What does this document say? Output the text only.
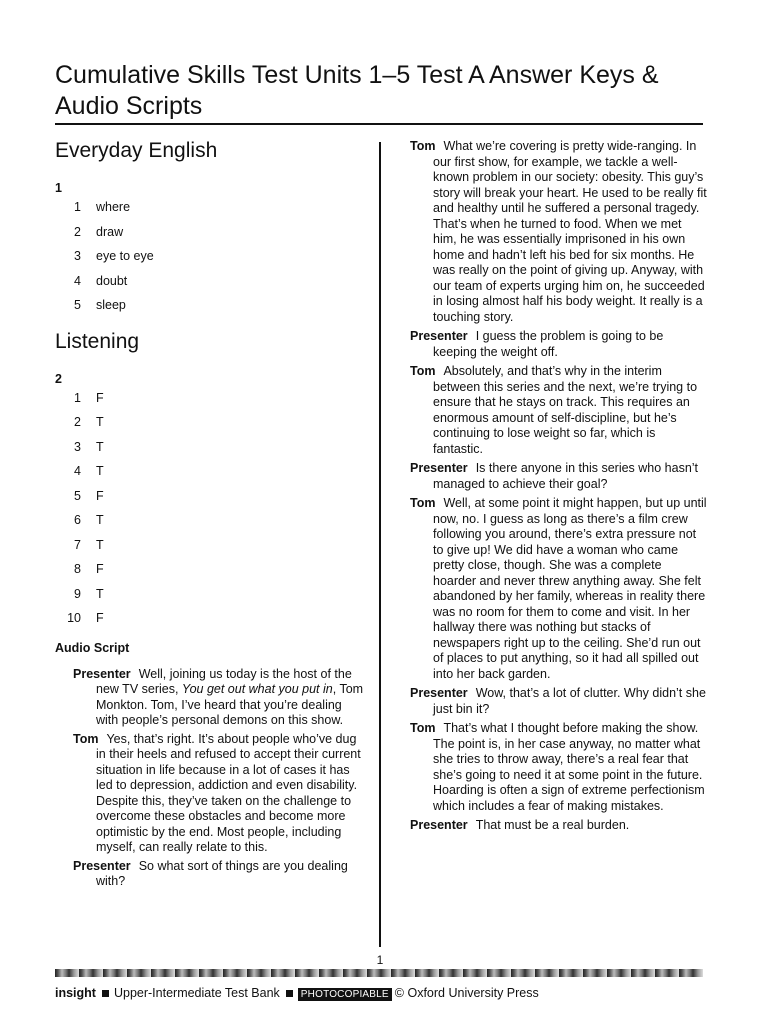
Cumulative Skills Test Units 1–5 Test A Answer Keys & Audio Scripts
Everyday English
1
1 where
2 draw
3 eye to eye
4 doubt
5 sleep
Listening
2
1 F
2 T
3 T
4 T
5 F
6 T
7 T
8 F
9 T
10 F
Audio Script

Presenter Well, joining us today is the host of the new TV series, You get out what you put in, Tom Monkton. Tom, I’ve heard that you’re dealing with people’s personal demons on this show.

Tom Yes, that’s right. It’s about people who’ve dug in their heels and refused to accept their current situation in life because in a lot of cases it has led to depression, addiction and even disability. Despite this, they’ve taken on the challenge to overcome these obstacles and become more optimistic by the end. Most people, including myself, can really relate to this.

Presenter So what sort of things are you dealing with?

Tom What we’re covering is pretty wide-ranging. In our first show, for example, we tackle a well-known problem in our society: obesity. This guy’s story will break your heart. He used to be really fit and healthy until he suffered a personal tragedy. That’s when he turned to food. When we met him, he was essentially imprisoned in his own home and hadn’t left his bed for six months. He was really on the point of giving up. Anyway, with our team of experts urging him on, he succeeded in losing almost half his body weight. It really is a touching story.

Presenter I guess the problem is going to be keeping the weight off.

Tom Absolutely, and that’s why in the interim between this series and the next, we’re trying to ensure that he stays on track. This requires an enormous amount of self-discipline, but he’s continuing to lose weight so far, which is fantastic.

Presenter Is there anyone in this series who hasn’t managed to achieve their goal?

Tom Well, at some point it might happen, but up until now, no. I guess as long as there’s a film crew following you around, there’s extra pressure not to give up! We did have a woman who came pretty close, though. She was a complete hoarder and never threw anything away. She felt abandoned by her family, whereas in reality there was no room for them to come and visit. In her hallway there was nothing but stacks of newspapers right up to the ceiling. She’d run out of places to put anything, so it had all spilled out into her back garden.

Presenter Wow, that’s a lot of clutter. Why didn’t she just bin it?

Tom That’s what I thought before making the show. The point is, in her case anyway, no matter what she tries to throw away, there’s a real fear that she’s going to need it at some point in the future. Hoarding is often a sign of extreme perfectionism which includes a fear of making mistakes.

Presenter That must be a real burden.

1
insight Upper-Intermediate Test Bank PHOTOCOPIABLE © Oxford University Press
